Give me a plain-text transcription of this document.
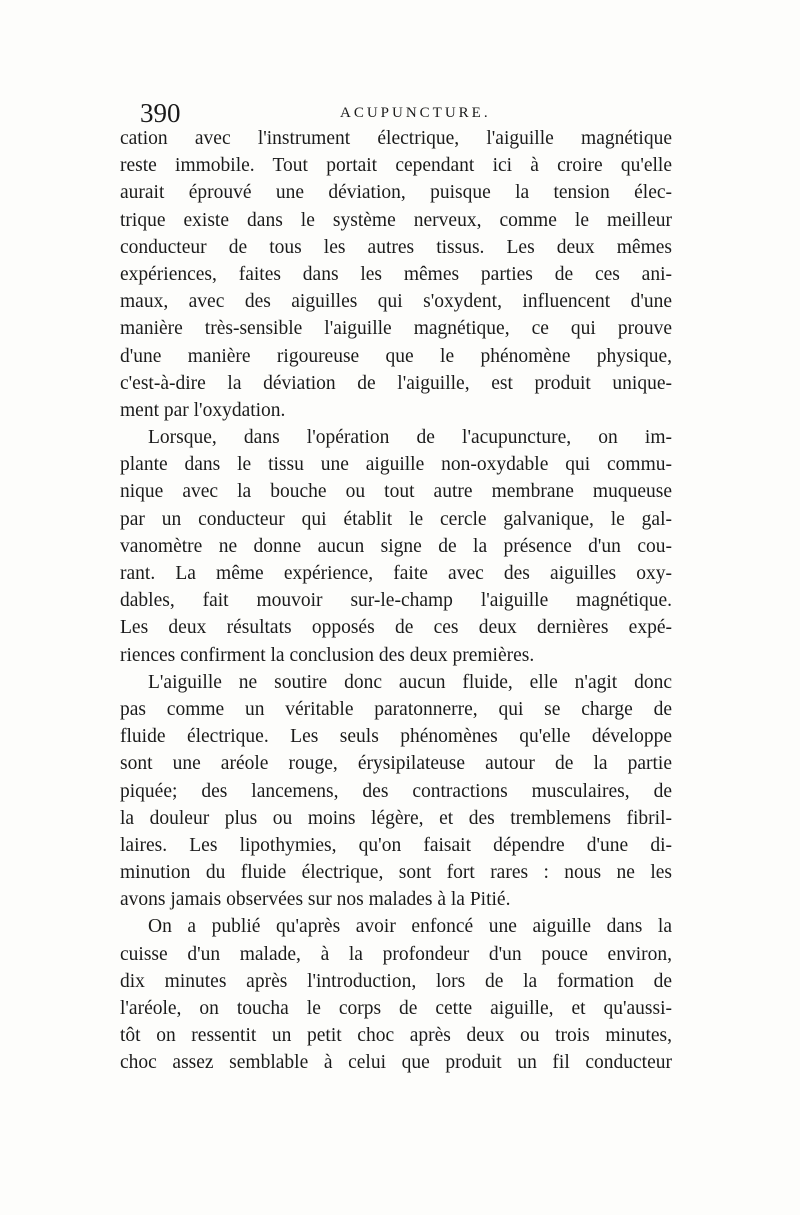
390	ACUPUNCTURE.
cation avec l'instrument électrique, l'aiguille magnétique
reste immobile. Tout portait cependant ici à croire qu'elle
aurait éprouvé une déviation, puisque la tension élec-
trique existe dans le système nerveux, comme le meilleur
conducteur de tous les autres tissus. Les deux mêmes
expériences, faites dans les mêmes parties de ces ani-
maux, avec des aiguilles qui s'oxydent, influencent d'une
manière très-sensible l'aiguille magnétique, ce qui prouve
d'une manière rigoureuse que le phénomène physique,
c'est-à-dire la déviation de l'aiguille, est produit unique-
ment par l'oxydation.
Lorsque, dans l'opération de l'acupuncture, on im-
plante dans le tissu une aiguille non-oxydable qui commu-
nique avec la bouche ou tout autre membrane muqueuse
par un conducteur qui établit le cercle galvanique, le gal-
vanomètre ne donne aucun signe de la présence d'un cou-
rant. La même expérience, faite avec des aiguilles oxy-
dables, fait mouvoir sur-le-champ l'aiguille magnétique.
Les deux résultats opposés de ces deux dernières expé-
riences confirment la conclusion des deux premières.
L'aiguille ne soutire donc aucun fluide, elle n'agit donc
pas comme un véritable paratonnerre, qui se charge de
fluide électrique. Les seuls phénomènes qu'elle développe
sont une aréole rouge, érysipilateuse autour de la partie
piquée; des lancemens, des contractions musculaires, de
la douleur plus ou moins légère, et des tremblemens fibril-
laires. Les lipothymies, qu'on faisait dépendre d'une di-
minution du fluide électrique, sont fort rares : nous ne les
avons jamais observées sur nos malades à la Pitié.
On a publié qu'après avoir enfoncé une aiguille dans la
cuisse d'un malade, à la profondeur d'un pouce environ,
dix minutes après l'introduction, lors de la formation de
l'aréole, on toucha le corps de cette aiguille, et qu'aussi-
tôt on ressentit un petit choc après deux ou trois minutes,
choc assez semblable à celui que produit un fil conducteur
